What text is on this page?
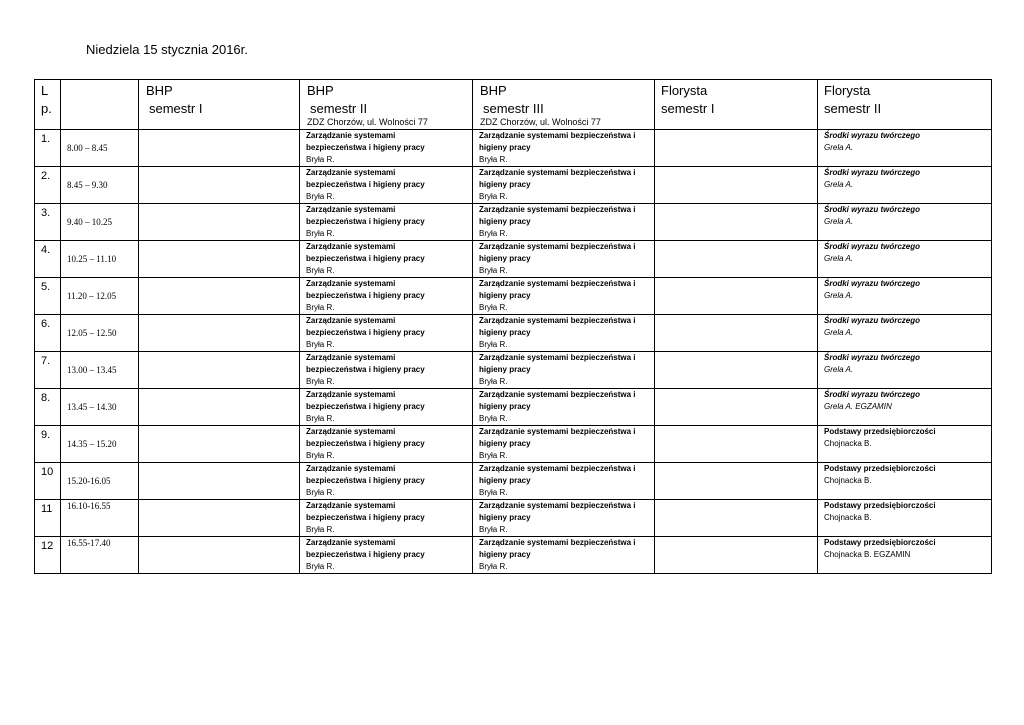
Niedziela 15 stycznia 2016r.
L
p.		BHP
semestr I	BHP
semestr II
ZDZ Chorzów, ul. Wolności 77	BHP
semestr III
ZDZ Chorzów, ul. Wolności 77	Florysta
semestr I	Florysta
semestr II
1.	8.00 – 8.45		Zarządzanie systemami
bezpieczeństwa i higieny pracy
Bryła R.	Zarządzanie systemami bezpieczeństwa i
higieny pracy
Bryła R.		Środki wyrazu twórczego
Grela A.

2.	8.45 – 9.30		Zarządzanie systemami
bezpieczeństwa i higieny pracy
Bryła R.	Zarządzanie systemami bezpieczeństwa i
higieny pracy
Bryła R.		Środki wyrazu twórczego
Grela A.

3.	9.40 – 10.25		Zarządzanie systemami
bezpieczeństwa i higieny pracy
Bryła R.	Zarządzanie systemami bezpieczeństwa i
higieny pracy
Bryła R.		Środki wyrazu twórczego
Grela A.

4.	10.25 – 11.10		Zarządzanie systemami
bezpieczeństwa i higieny pracy
Bryła R.	Zarządzanie systemami bezpieczeństwa i
higieny pracy
Bryła R.		Środki wyrazu twórczego
Grela A.

5.	11.20 – 12.05		Zarządzanie systemami
bezpieczeństwa i higieny pracy
Bryła R.	Zarządzanie systemami bezpieczeństwa i
higieny pracy
Bryła R.		Środki wyrazu twórczego
Grela A.

6.	12.05 – 12.50		Zarządzanie systemami
bezpieczeństwa i higieny pracy
Bryła R.	Zarządzanie systemami bezpieczeństwa i
higieny pracy
Bryła R.		Środki wyrazu twórczego
Grela A.

7.	13.00 – 13.45		Zarządzanie systemami
bezpieczeństwa i higieny pracy
Bryła R.	Zarządzanie systemami bezpieczeństwa i
higieny pracy
Bryła R.		Środki wyrazu twórczego
Grela A.

8.	13.45 – 14.30		Zarządzanie systemami
bezpieczeństwa i higieny pracy
Bryła R.	Zarządzanie systemami bezpieczeństwa i
higieny pracy
Bryła R.		Środki wyrazu twórczego
Grela A. EGZAMIN

9.	14.35 – 15.20		Zarządzanie systemami
bezpieczeństwa i higieny pracy
Bryła R.	Zarządzanie systemami bezpieczeństwa i
higieny pracy
Bryła R.		Podstawy przedsiębiorczości
Chojnacka B.

10	15.20-16.05		Zarządzanie systemami
bezpieczeństwa i higieny pracy
Bryła R.	Zarządzanie systemami bezpieczeństwa i
higieny pracy
Bryła R.		Podstawy przedsiębiorczości
Chojnacka B.

11	16.10-16.55		Zarządzanie systemami
bezpieczeństwa i higieny pracy
Bryła R.	Zarządzanie systemami bezpieczeństwa i
higieny pracy
Bryła R.		Podstawy przedsiębiorczości
Chojnacka B.

12	16.55-17.40		Zarządzanie systemami
bezpieczeństwa i higieny pracy
Bryła R.	Zarządzanie systemami bezpieczeństwa i
higieny pracy
Bryła R.		Podstawy przedsiębiorczości
Chojnacka B. EGZAMIN
